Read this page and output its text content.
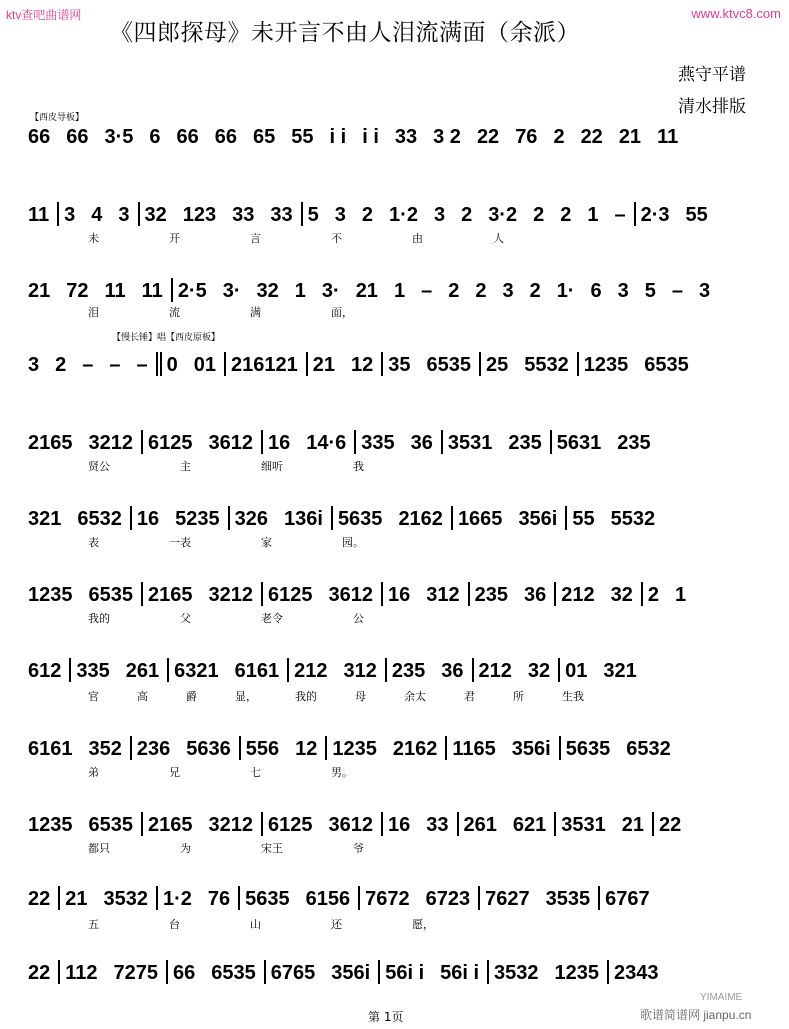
ktv查吧曲谱网	www.ktvc8.com
《四郎探母》未开言不由人泪流满面（余派）
燕守平谱
清水排版
【西皮导板】
【慢长锤】唱【西皮原板】
66 66 3·5 6 66 66 65 55 i i i i 33 3 2 22 76 2 22 21 11
11 3 4 3 32 123 33 33 5 3 2 1·2 3 2 3·2 2 2 1 – 2·3 55
未	开	言	不	由	人
21 72 11 11 2·5 3· 32 1 3· 21 1 – 2 2 3 2 1· 6 3 5 – 3
泪	流	满	面，
3 2 – – – 0 01 216121 21 12 35 6535 25 5532 1235 6535
2165 3212 6125 3612 16 14·6 335 36 3531 235 5631 235
贤公	主	细听	我
321 6532 16 5235 326 136i 5635 2162 1665 356i 55 5532
表	一表	家	园。
1235 6535 2165 3212 6125 3612 16 312 235 36 212 32 2 1
我的	父	老令	公
612 335 261 6321 6161 212 312 235 36 212 32 01 321
官	高	爵	显，	我的	母	余太	君	所	生我
6161 352 236 5636 556 12 1235 2162 1165 356i 5635 6532
弟	兄	七	男。
1235 6535 2165 3212 6125 3612 16 33 261 621 3531 21 22
都只	为	宋王	爷
22 21 3532 1·2 76 5635 6156 7672 6723 7627 3535 6767
五	台	山	还	愿，
22 112 7275 66 6535 6765 356i 56i i 56i i 3532 1235 2343
第 1页	歌谱简谱网 jianpu.cn
YIMAIME
